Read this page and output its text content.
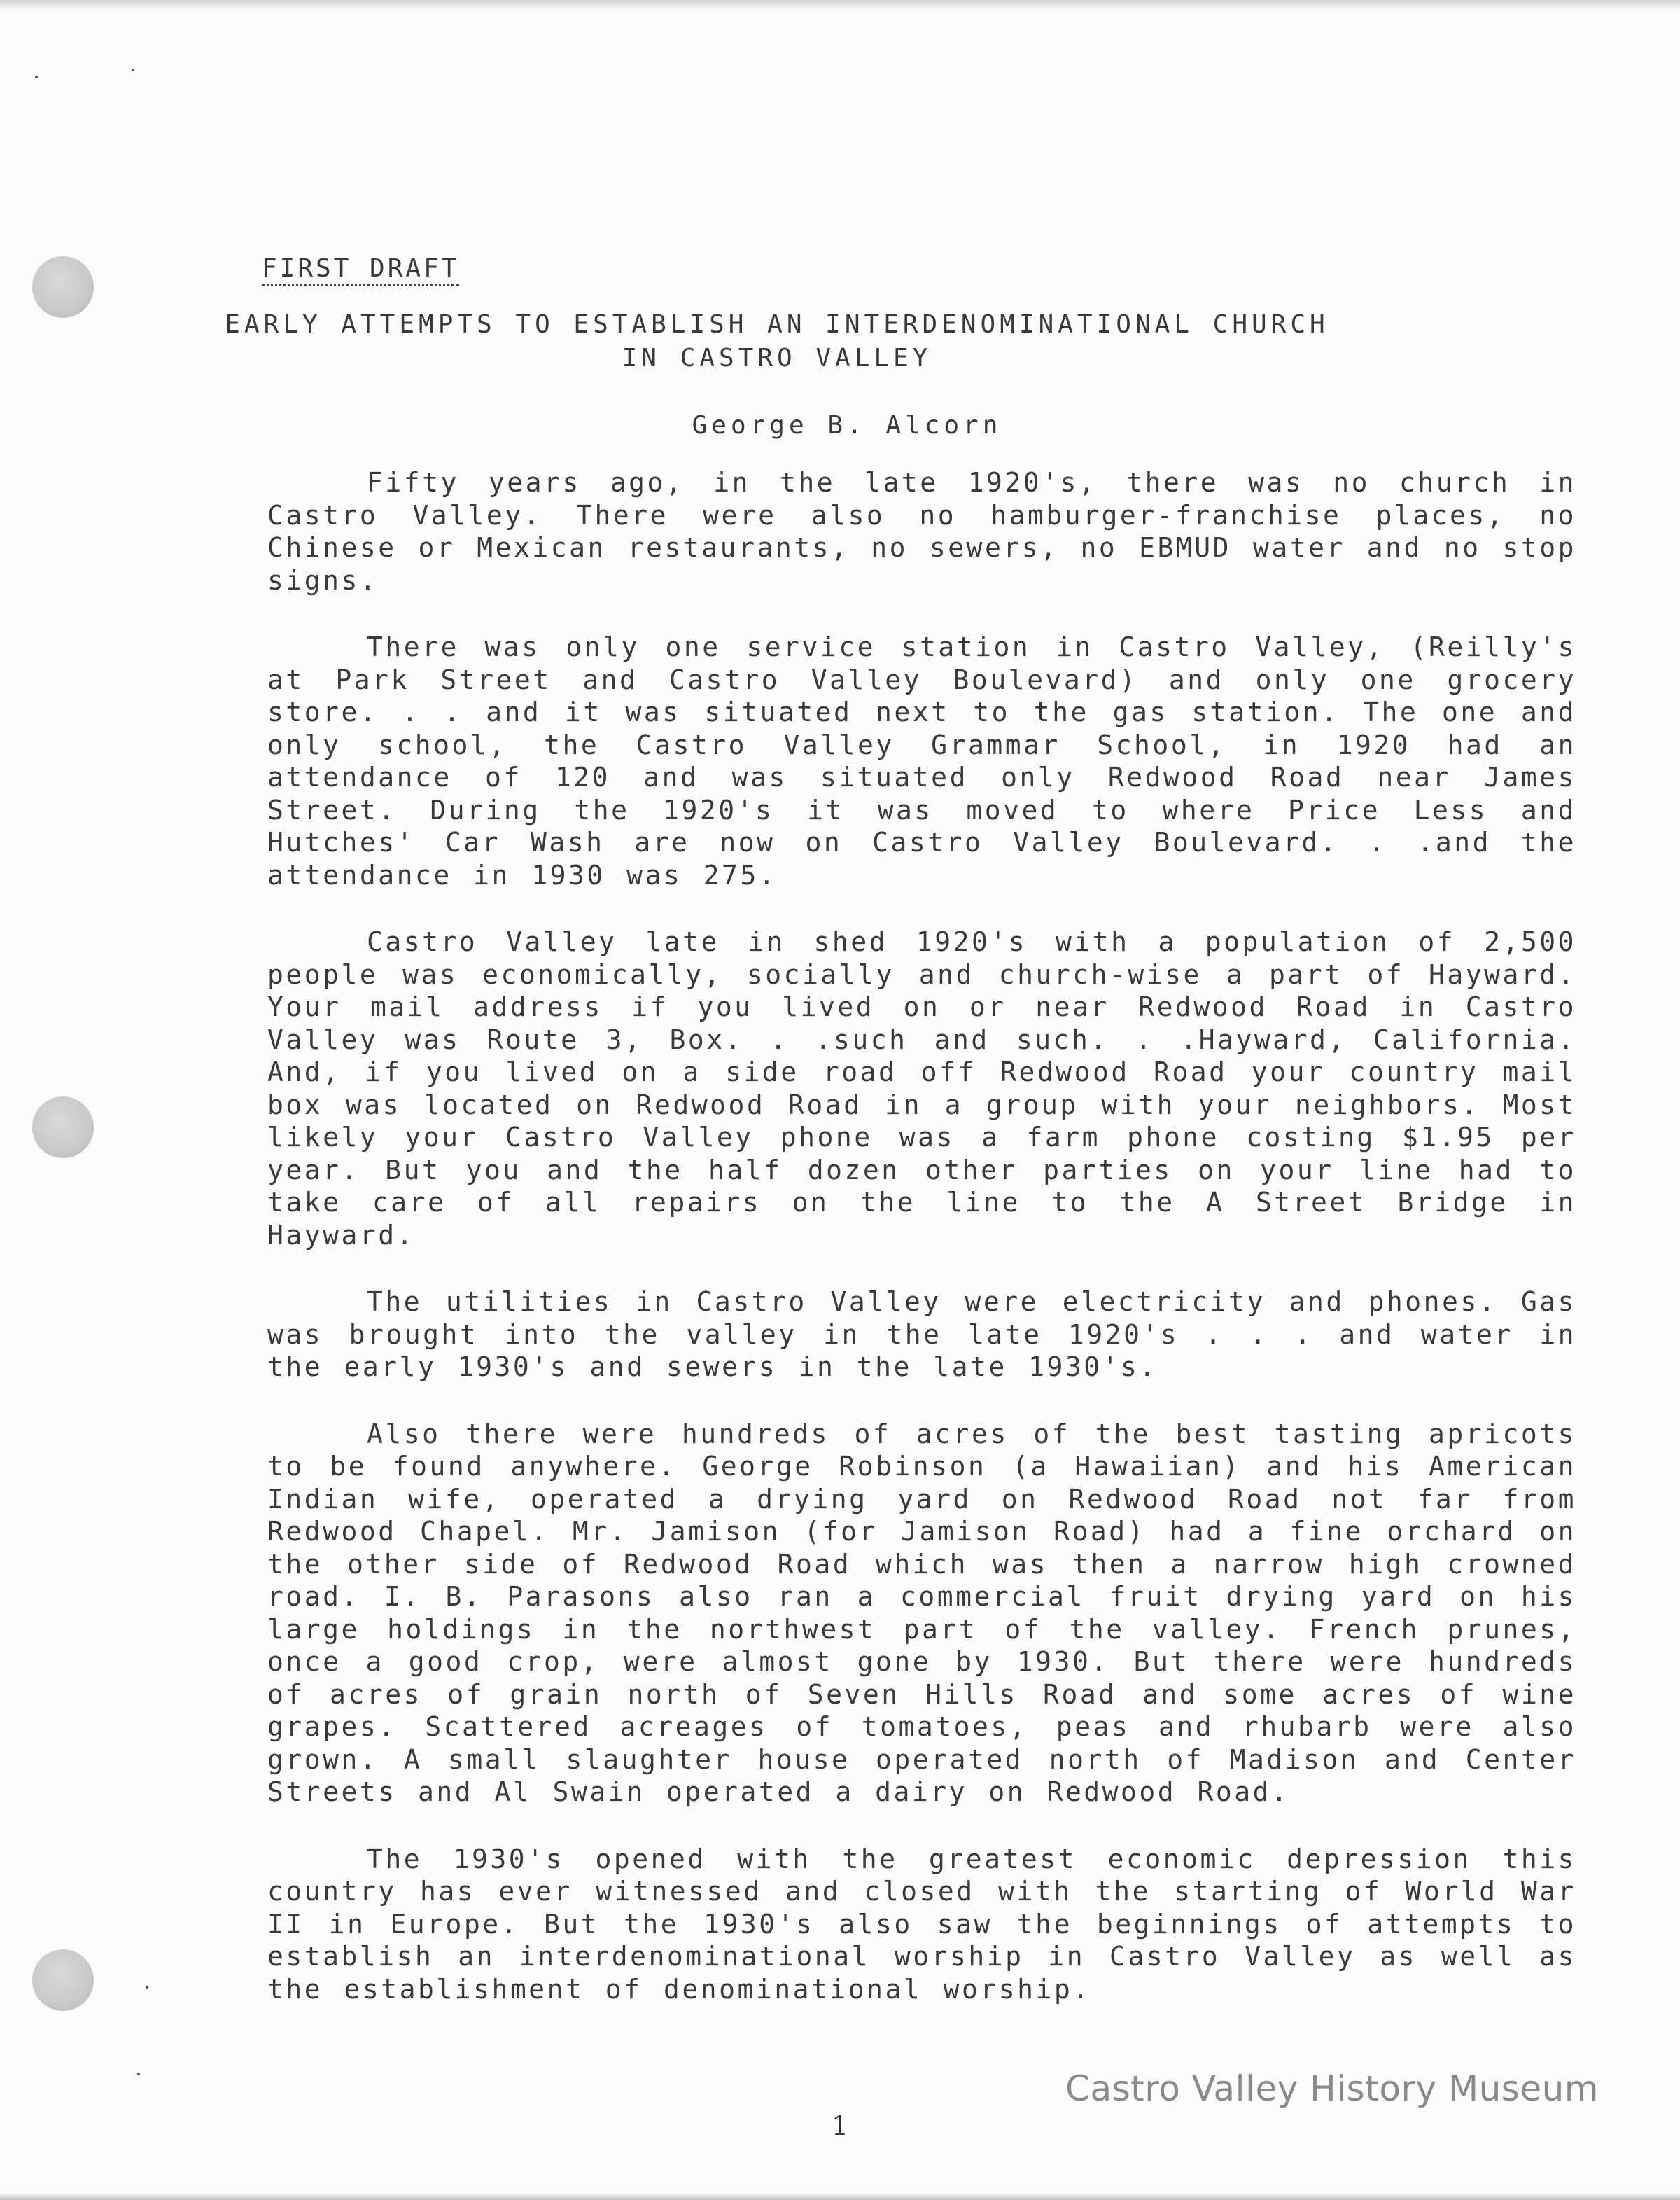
FIRST DRAFT
EARLY ATTEMPTS TO ESTABLISH AN INTERDENOMINATIONAL CHURCH
IN CASTRO VALLEY
George B. Alcorn

Fifty years ago, in the late 1920's, there was no church in Castro Valley. There were also no hamburger-franchise places, no Chinese or Mexican restaurants, no sewers, no EBMUD water and no stop signs.

There was only one service station in Castro Valley, (Reilly's at Park Street and Castro Valley Boulevard) and only one grocery store. . . and it was situated next to the gas station. The one and only school, the Castro Valley Grammar School, in 1920 had an attendance of 120 and was situated only Redwood Road near James Street. During the 1920's it was moved to where Price Less and Hutches' Car Wash are now on Castro Valley Boulevard. . .and the attendance in 1930 was 275.

Castro Valley late in shed 1920's with a population of 2,500 people was economically, socially and church-wise a part of Hayward. Your mail address if you lived on or near Redwood Road in Castro Valley was Route 3, Box. . .such and such. . .Hayward, California. And, if you lived on a side road off Redwood Road your country mail box was located on Redwood Road in a group with your neighbors. Most likely your Castro Valley phone was a farm phone costing $1.95 per year. But you and the half dozen other parties on your line had to take care of all repairs on the line to the A Street Bridge in Hayward.

The utilities in Castro Valley were electricity and phones. Gas was brought into the valley in the late 1920's . . . and water in the early 1930's and sewers in the late 1930's.

Also there were hundreds of acres of the best tasting apricots to be found anywhere. George Robinson (a Hawaiian) and his American Indian wife, operated a drying yard on Redwood Road not far from Redwood Chapel. Mr. Jamison (for Jamison Road) had a fine orchard on the other side of Redwood Road which was then a narrow high crowned road. I. B. Parasons also ran a commercial fruit drying yard on his large holdings in the northwest part of the valley. French prunes, once a good crop, were almost gone by 1930. But there were hundreds of acres of grain north of Seven Hills Road and some acres of wine grapes. Scattered acreages of tomatoes, peas and rhubarb were also grown. A small slaughter house operated north of Madison and Center Streets and Al Swain operated a dairy on Redwood Road.

The 1930's opened with the greatest economic depression this country has ever witnessed and closed with the starting of World War II in Europe. But the 1930's also saw the beginnings of attempts to establish an interdenominational worship in Castro Valley as well as the establishment of denominational worship.

Castro Valley History Museum
1
